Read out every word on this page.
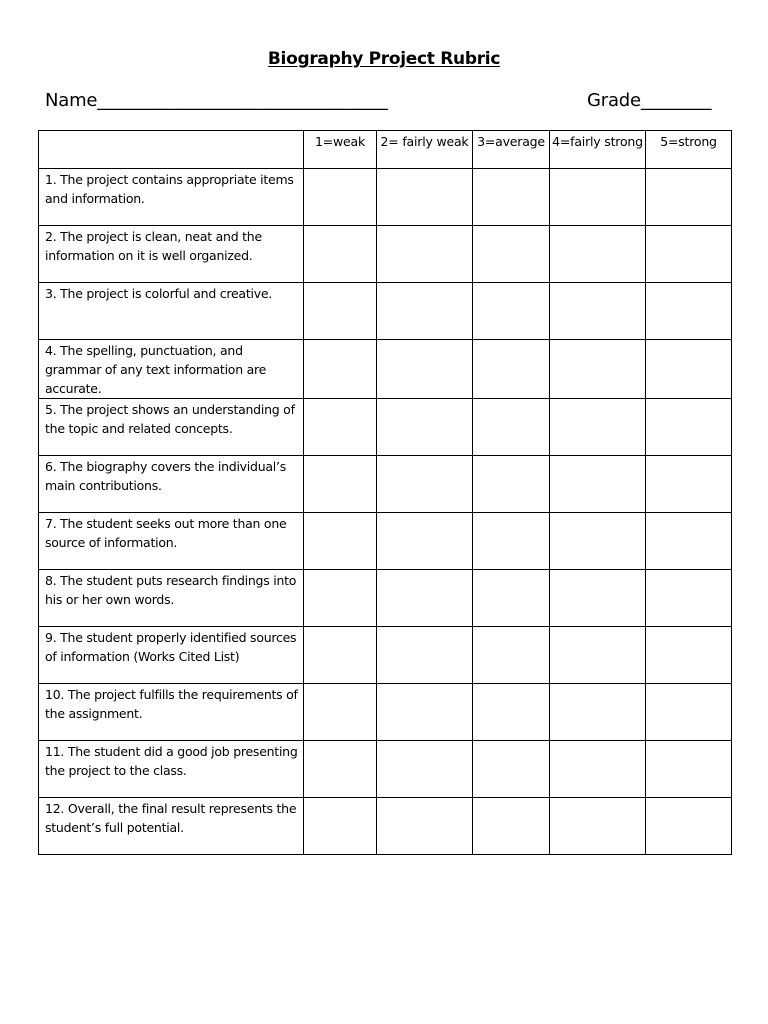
Biography Project Rubric
Name_________________________________	Grade________
	1=weak	2= fairly weak	3=average	4=fairly strong	5=strong

1. The project contains appropriate items and information.					

2. The project is clean, neat and the information on it is well organized.					

3. The project is colorful and creative.					

4. The spelling, punctuation, and grammar of any text information are accurate.					

5. The project shows an understanding of the topic and related concepts.					

6. The biography covers the individual’s main contributions.					

7. The student seeks out more than one source of information.					

8. The student puts research findings into his or her own words.					

9. The student properly identified sources of information (Works Cited List)					

10. The project fulfills the requirements of the assignment.					

11. The student did a good job presenting the project to the class.					

12. Overall, the final result represents the student’s full potential.					
